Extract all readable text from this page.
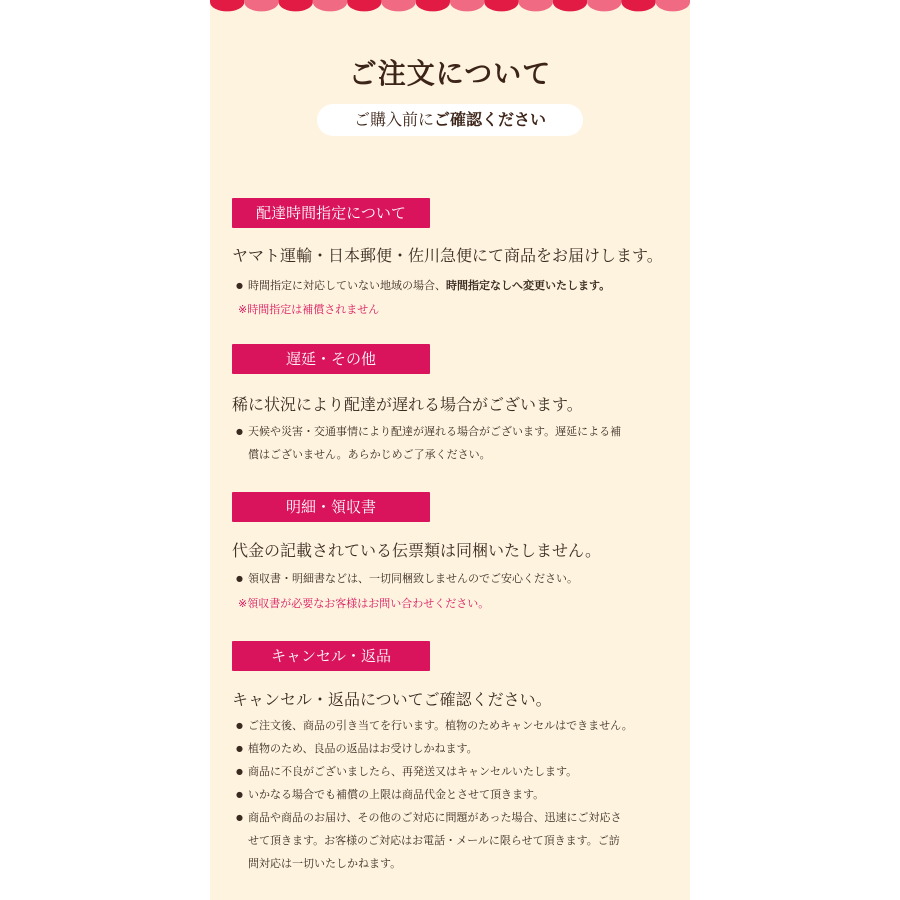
ご注文について
ご購入前にご確認ください
配達時間指定について
ヤマト運輸・日本郵便・佐川急便にて商品をお届けします。
● 時間指定に対応していない地域の場合、時間指定なしへ変更いたします。
※時間指定は補償されません
遅延・その他
稀に状況により配達が遅れる場合がございます。
● 天候や災害・交通事情により配達が遅れる場合がございます。遅延による補
償はございません。あらかじめご了承ください。
明細・領収書
代金の記載されている伝票類は同梱いたしません。
● 領収書・明細書などは、一切同梱致しませんのでご安心ください。
※領収書が必要なお客様はお問い合わせください。
キャンセル・返品
キャンセル・返品についてご確認ください。
● ご注文後、商品の引き当てを行います。植物のためキャンセルはできません。
● 植物のため、良品の返品はお受けしかねます。
● 商品に不良がございましたら、再発送又はキャンセルいたします。
● いかなる場合でも補償の上限は商品代金とさせて頂きます。
● 商品や商品のお届け、その他のご対応に問題があった場合、迅速にご対応さ
せて頂きます。お客様のご対応はお電話・メールに限らせて頂きます。ご訪
問対応は一切いたしかねます。
